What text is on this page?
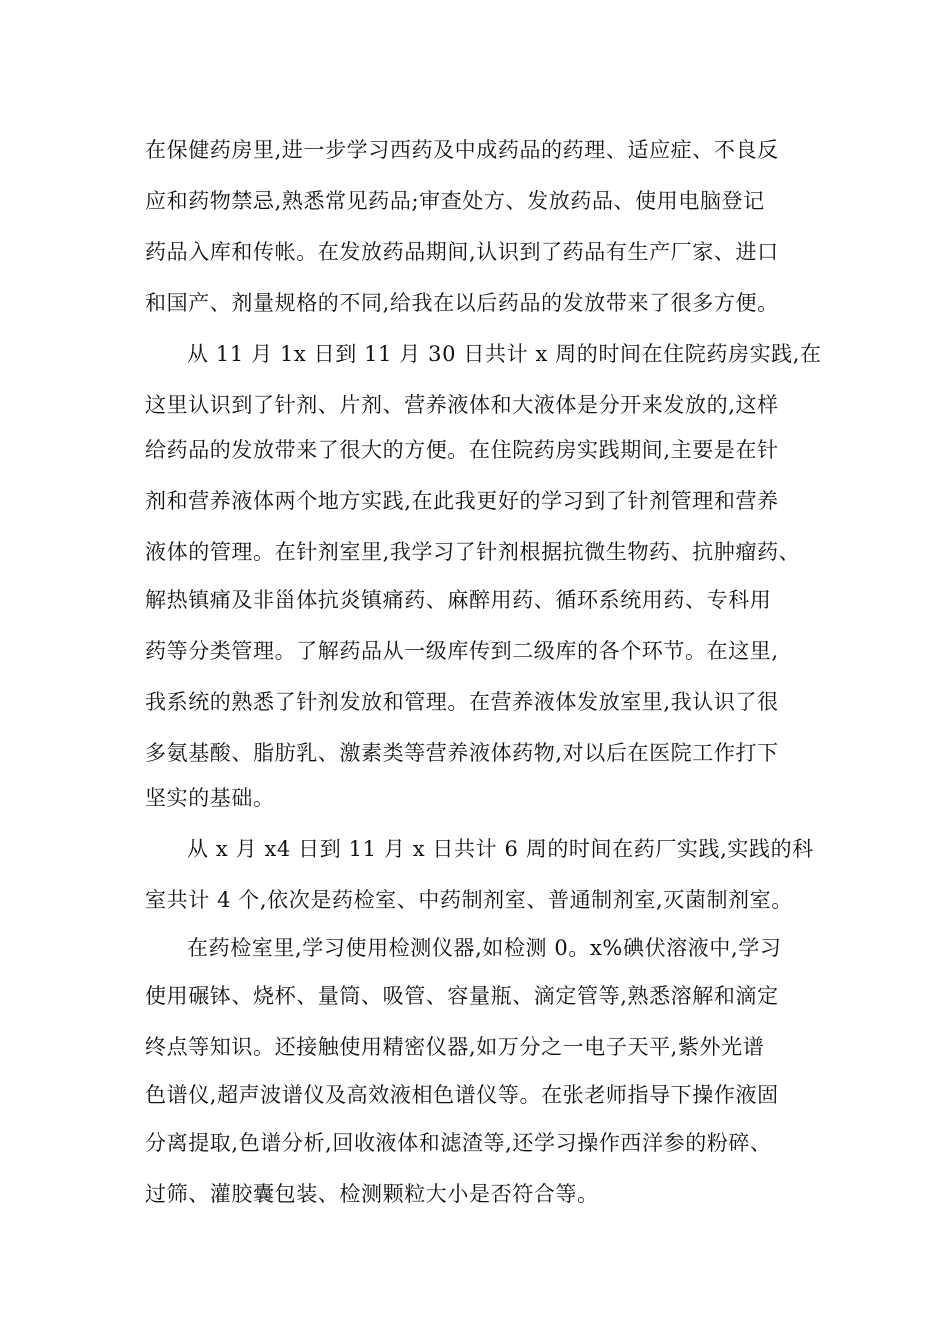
在保健药房里,进一步学习西药及中成药品的药理、适应症、不良反
应和药物禁忌,熟悉常见药品;审查处方、发放药品、使用电脑登记
药品入库和传帐。在发放药品期间,认识到了药品有生产厂家、进口
和国产、剂量规格的不同,给我在以后药品的发放带来了很多方便。
从 11 月 1x 日到 11 月 30 日共计 x 周的时间在住院药房实践,在
这里认识到了针剂、片剂、营养液体和大液体是分开来发放的,这样
给药品的发放带来了很大的方便。在住院药房实践期间,主要是在针
剂和营养液体两个地方实践,在此我更好的学习到了针剂管理和营养
液体的管理。在针剂室里,我学习了针剂根据抗微生物药、抗肿瘤药、
解热镇痛及非甾体抗炎镇痛药、麻醉用药、循环系统用药、专科用
药等分类管理。了解药品从一级库传到二级库的各个环节。在这里,
我系统的熟悉了针剂发放和管理。在营养液体发放室里,我认识了很
多氨基酸、脂肪乳、激素类等营养液体药物,对以后在医院工作打下
坚实的基础。
从 x 月 x4 日到 11 月 x 日共计 6 周的时间在药厂实践,实践的科
室共计 4 个,依次是药检室、中药制剂室、普通制剂室,灭菌制剂室。
在药检室里,学习使用检测仪器,如检测 0。x%碘伏溶液中,学习
使用碾钵、烧杯、量筒、吸管、容量瓶、滴定管等,熟悉溶解和滴定
终点等知识。还接触使用精密仪器,如万分之一电子天平,紫外光谱
色谱仪,超声波谱仪及高效液相色谱仪等。在张老师指导下操作液固
分离提取,色谱分析,回收液体和滤渣等,还学习操作西洋参的粉碎、
过筛、灌胶囊包装、检测颗粒大小是否符合等。
